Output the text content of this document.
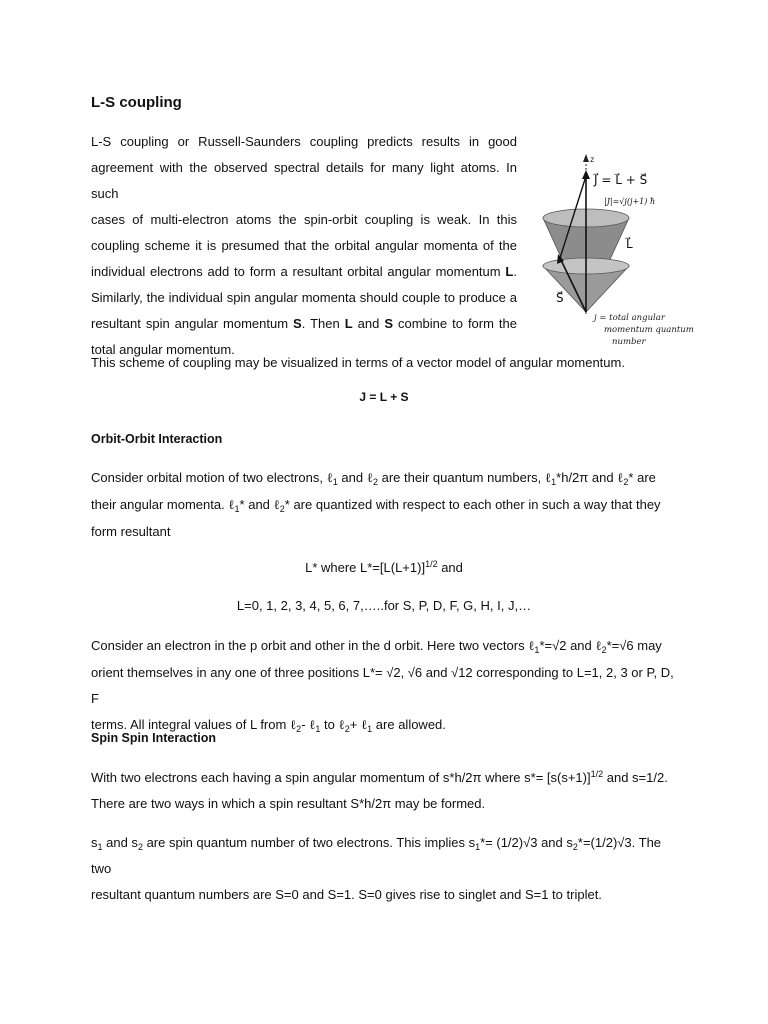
L-S coupling
L-S coupling or Russell-Saunders coupling predicts results in good
agreement with the observed spectral details for many light atoms. In such
cases of multi-electron atoms the spin-orbit coupling is weak. In this
coupling scheme it is presumed that the orbital angular momenta of the
individual electrons add to form a resultant orbital angular momentum L.
Similarly, the individual spin angular momenta should couple to produce a
resultant spin angular momentum S. Then L and S combine to form the
total angular momentum.
z
J⃗ = L⃗ + S⃗
|J|=√j(j+1) ħ
L⃗
S⃗
j = total angular
momentum quantum
number

This scheme of coupling may be visualized in terms of a vector model of angular momentum.

J = L + S

Orbit-Orbit Interaction

Consider orbital motion of two electrons, ℓ$_1$ and ℓ$_2$ are their quantum numbers, ℓ$_1$*h/2π and ℓ$_2$* are
their angular momenta. ℓ$_1$* and ℓ$_2$* are quantized with respect to each other in such a way that they
form resultant

L* where $L*=[L(L+1)]^{1/2}$ and

L=0, 1, 2, 3, 4, 5, 6, 7,…..for S, P, D, F, G, H, I, J,…

Consider an electron in the p orbit and other in the d orbit. Here two vectors ℓ$_1$*=√2 and ℓ$_2$*=√6 may
orient themselves in any one of three positions L*= √2, √6 and √12 corresponding to L=1, 2, 3 or P, D, F
terms. All integral values of L from ℓ$_2$- ℓ$_1$ to ℓ$_2$+ ℓ$_1$ are allowed.

Spin Spin Interaction

With two electrons each having a spin angular momentum of s*h/2π where $s*= [s(s+1)]^{1/2}$ and s=1/2.
There are two ways in which a spin resultant S*h/2π may be formed.
$s_1$ and $s_2$ are spin quantum number of two electrons. This implies $s_1*= (1/2)√3$ and $s_2*=(1/2)√3$. The two
resultant quantum numbers are S=0 and S=1. S=0 gives rise to singlet and S=1 to triplet.
